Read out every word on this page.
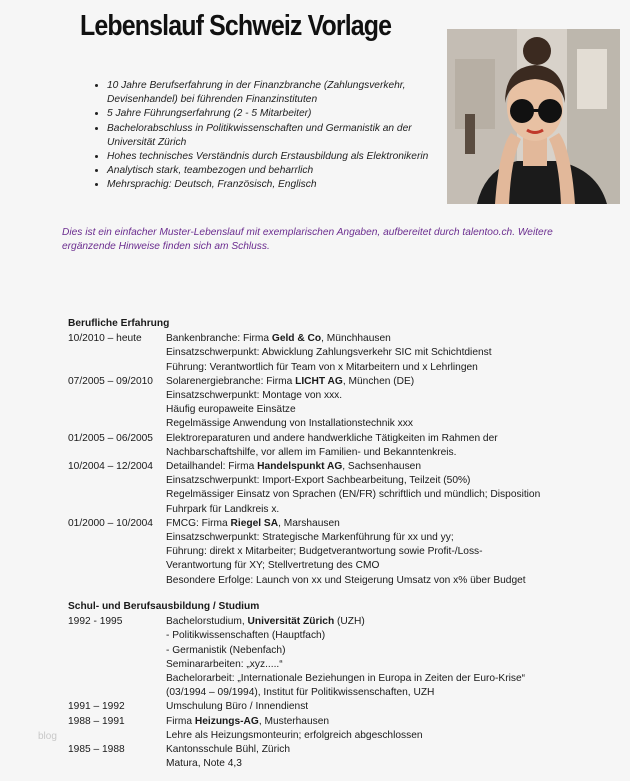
Lebenslauf Schweiz Vorlage
• 10 Jahre Berufserfahrung in der Finanzbranche (Zahlungsverkehr, Devisenhandel) bei führenden Finanzinstituten
• 5 Jahre Führungserfahrung (2 - 5 Mitarbeiter)
• Bachelorabschluss in Politikwissenschaften und Germanistik an der Universität Zürich
• Hohes technisches Verständnis durch Erstausbildung als Elektronikerin
• Analytisch stark, teambezogen und beharrlich
• Mehrsprachig: Deutsch, Französisch, Englisch
Dies ist ein einfacher Muster-Lebenslauf mit exemplarischen Angaben, aufbereitet durch talentoo.ch. Weitere ergänzende Hinweise finden sich am Schluss.
Berufliche Erfahrung
10/2010 – heute	Bankenbranche: Firma Geld & Co, Münchhausen
Einsatzschwerpunkt: Abwicklung Zahlungsverkehr SIC mit Schichtdienst
Führung: Verantwortlich für Team von x Mitarbeitern und x Lehrlingen
07/2005 – 09/2010	Solarenergiebranche: Firma LICHT AG, München (DE)
Einsatzschwerpunkt: Montage von xxx.
Häufig europaweite Einsätze
Regelmässige Anwendung von Installationstechnik xxx
01/2005 – 06/2005	Elektroreparaturen und andere handwerkliche Tätigkeiten im Rahmen der
Nachbarschaftshilfe, vor allem im Familien- und Bekanntenkreis.
10/2004 – 12/2004	Detailhandel: Firma Handelspunkt AG, Sachsenhausen
Einsatzschwerpunkt: Import-Export Sachbearbeitung, Teilzeit (50%)
Regelmässiger Einsatz von Sprachen (EN/FR) schriftlich und mündlich; Disposition
Fuhrpark für Landkreis x.
01/2000 – 10/2004	FMCG: Firma Riegel SA, Marshausen
Einsatzschwerpunkt: Strategische Markenführung für xx und yy;
Führung: direkt x Mitarbeiter; Budgetverantwortung sowie Profit-/Loss-
Verantwortung für XY; Stellvertretung des CMO
Besondere Erfolge: Launch von xx und Steigerung Umsatz von x% über Budget
Schul- und Berufsausbildung / Studium
1992 - 1995	Bachelorstudium, Universität Zürich (UZH)
- Politikwissenschaften (Hauptfach)
- Germanistik (Nebenfach)
Seminararbeiten: „xyz.....“
Bachelorarbeit: „Internationale Beziehungen in Europa in Zeiten der Euro-Krise“
(03/1994 – 09/1994), Institut für Politikwissenschaften, UZH
1991 – 1992	Umschulung Büro / Innendienst
1988 – 1991	Firma Heizungs-AG, Musterhausen
Lehre als Heizungsmonteurin; erfolgreich abgeschlossen
1985 – 1988	Kantonsschule Bühl, Zürich
Matura, Note 4,3
blog
